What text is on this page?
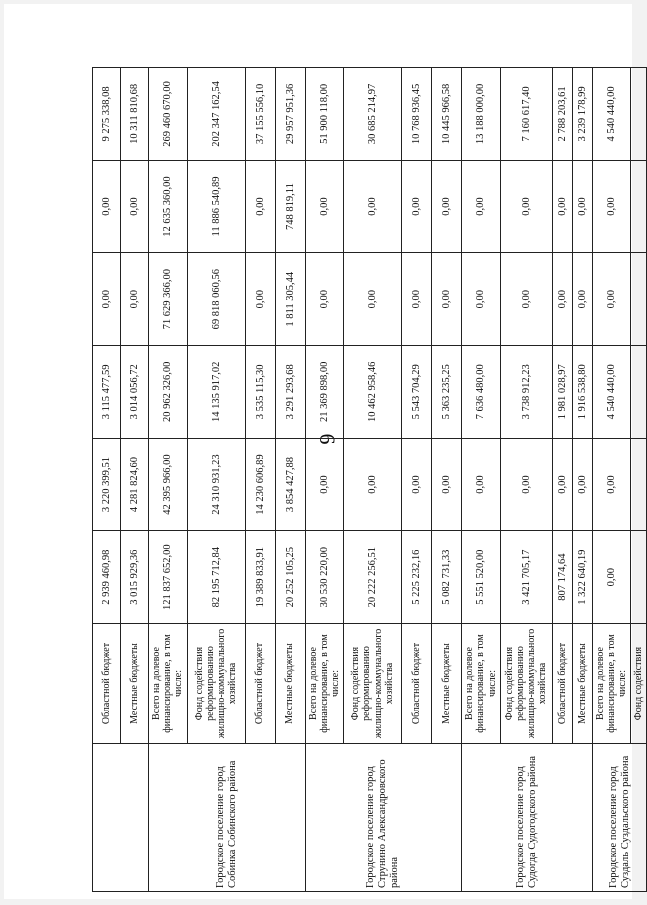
6
	Областной бюджет	2 939 460,98	3 220 399,51	3 115 477,59	0,00	0,00	9 275 338,08
	Местные бюджеты	3 015 929,36	4 281 824,60	3 014 056,72	0,00	0,00	10 311 810,68
Городское поселение город Собинка Собинского района	Всего на долевое финансирование, в том числе:	121 837 652,00	42 395 966,00	20 962 326,00	71 629 366,00	12 635 360,00	269 460 670,00
	Фонд содействия реформированию жилищно-коммунального хозяйства	82 195 712,84	24 310 931,23	14 135 917,02	69 818 060,56	11 886 540,89	202 347 162,54
	Областной бюджет	19 389 833,91	14 230 606,89	3 535 115,30	0,00	0,00	37 155 556,10
	Местные бюджеты	20 252 105,25	3 854 427,88	3 291 293,68	1 811 305,44	748 819,11	29 957 951,36
Городское поселение город Струнино Александровского района	Всего на долевое финансирование, в том числе:	30 530 220,00	0,00	21 369 898,00	0,00	0,00	51 900 118,00
	Фонд содействия реформированию жилищно-коммунального хозяйства	20 222 256,51	0,00	10 462 958,46	0,00	0,00	30 685 214,97
	Областной бюджет	5 225 232,16	0,00	5 543 704,29	0,00	0,00	10 768 936,45
	Местные бюджеты	5 082 731,33	0,00	5 363 235,25	0,00	0,00	10 445 966,58
Городское поселение город Судогда Судогодского района	Всего на долевое финансирование, в том числе:	5 551 520,00	0,00	7 636 480,00	0,00	0,00	13 188 000,00
	Фонд содействия реформированию жилищно-коммунального хозяйства	3 421 705,17	0,00	3 738 912,23	0,00	0,00	7 160 617,40
	Областной бюджет	807 174,64	0,00	1 981 028,97	0,00	0,00	2 788 203,61
	Местные бюджеты	1 322 640,19	0,00	1 916 538,80	0,00	0,00	3 239 178,99
Городское поселение город Суздаль Суздальского района	Всего на долевое финансирование, в том числе:	0,00	0,00	4 540 440,00	0,00	0,00	4 540 440,00
	Фонд содействия						
